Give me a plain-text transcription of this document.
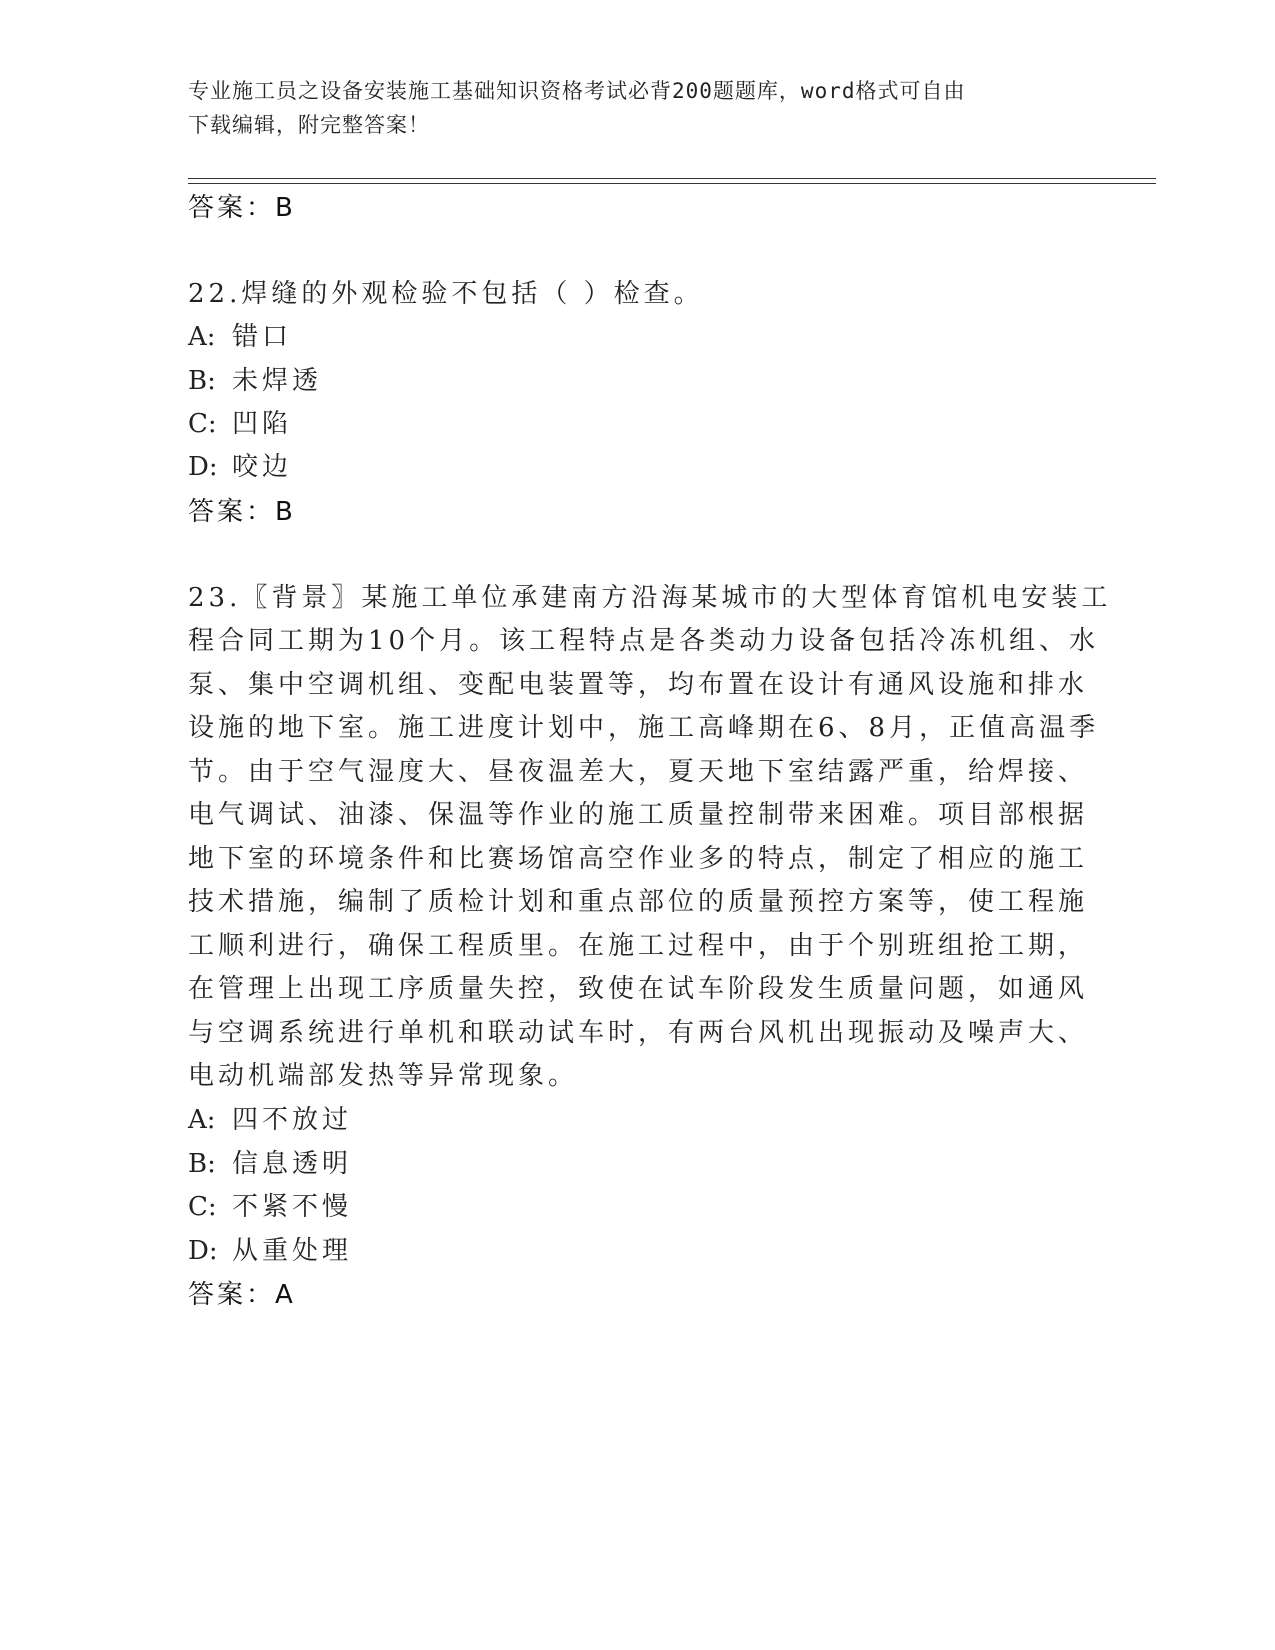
专业施工员之设备安装施工基础知识资格考试必背200题题库，word格式可自由
下载编辑，附完整答案！
答案：B
22.焊缝的外观检验不包括（ ）检查。
A: 错口
B: 未焊透
C: 凹陷
D: 咬边
答案：B
23.〖背景〗某施工单位承建南方沿海某城市的大型体育馆机电安装工
程合同工期为10个月。该工程特点是各类动力设备包括冷冻机组、水
泵、集中空调机组、变配电装置等，均布置在设计有通风设施和排水
设施的地下室。施工进度计划中，施工高峰期在6、8月，正值高温季
节。由于空气湿度大、昼夜温差大，夏天地下室结露严重，给焊接、
电气调试、油漆、保温等作业的施工质量控制带来困难。项目部根据
地下室的环境条件和比赛场馆高空作业多的特点，制定了相应的施工
技术措施，编制了质检计划和重点部位的质量预控方案等，使工程施
工顺利进行，确保工程质里。在施工过程中，由于个别班组抢工期，
在管理上出现工序质量失控，致使在试车阶段发生质量问题，如通风
与空调系统进行单机和联动试车时，有两台风机出现振动及噪声大、
电动机端部发热等异常现象。
A: 四不放过
B: 信息透明
C: 不紧不慢
D: 从重处理
答案：A
